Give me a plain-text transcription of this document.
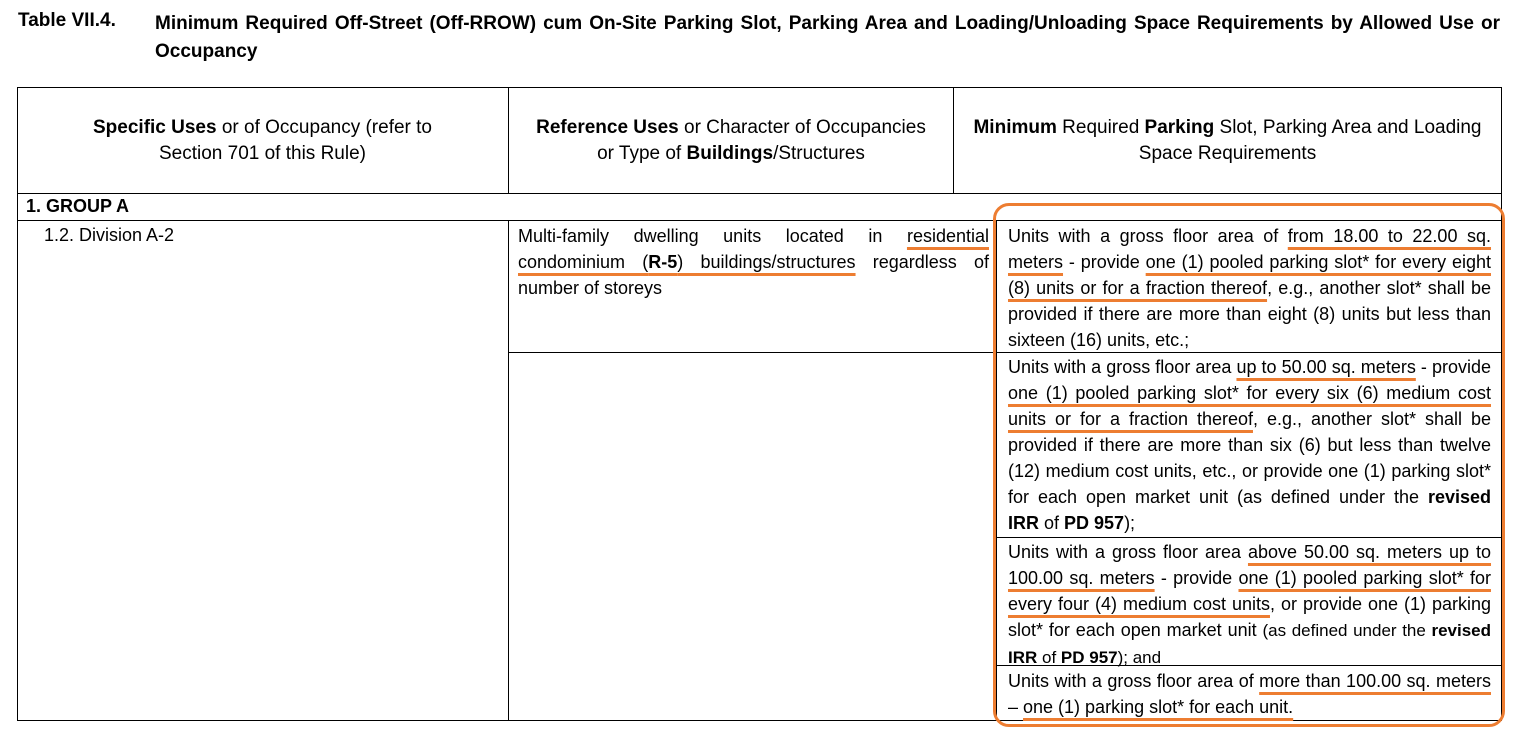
Table VII.4. Minimum Required Off-Street (Off-RROW) cum On-Site Parking Slot, Parking Area and Loading/Unloading Space Requirements by Allowed Use or Occupancy
Specific Uses or of Occupancy (refer to Section 701 of this Rule)
Reference Uses or Character of Occupancies or Type of Buildings/Structures
Minimum Required Parking Slot, Parking Area and Loading Space Requirements
1. GROUP A
1.2. Division A-2	Multi-family dwelling units located in residential condominium (R-5) buildings/structures regardless of number of storeys
Units with a gross floor area of from 18.00 to 22.00 sq. meters - provide one (1) pooled parking slot* for every eight (8) units or for a fraction thereof, e.g., another slot* shall be provided if there are more than eight (8) units but less than sixteen (16) units, etc.;
Units with a gross floor area up to 50.00 sq. meters - provide one (1) pooled parking slot* for every six (6) medium cost units or for a fraction thereof, e.g., another slot* shall be provided if there are more than six (6) but less than twelve (12) medium cost units, etc., or provide one (1) parking slot* for each open market unit (as defined under the revised IRR of PD 957);
Units with a gross floor area above 50.00 sq. meters up to 100.00 sq. meters - provide one (1) pooled parking slot* for every four (4) medium cost units, or provide one (1) parking slot* for each open market unit (as defined under the revised IRR of PD 957); and
Units with a gross floor area of more than 100.00 sq. meters – one (1) parking slot* for each unit.
